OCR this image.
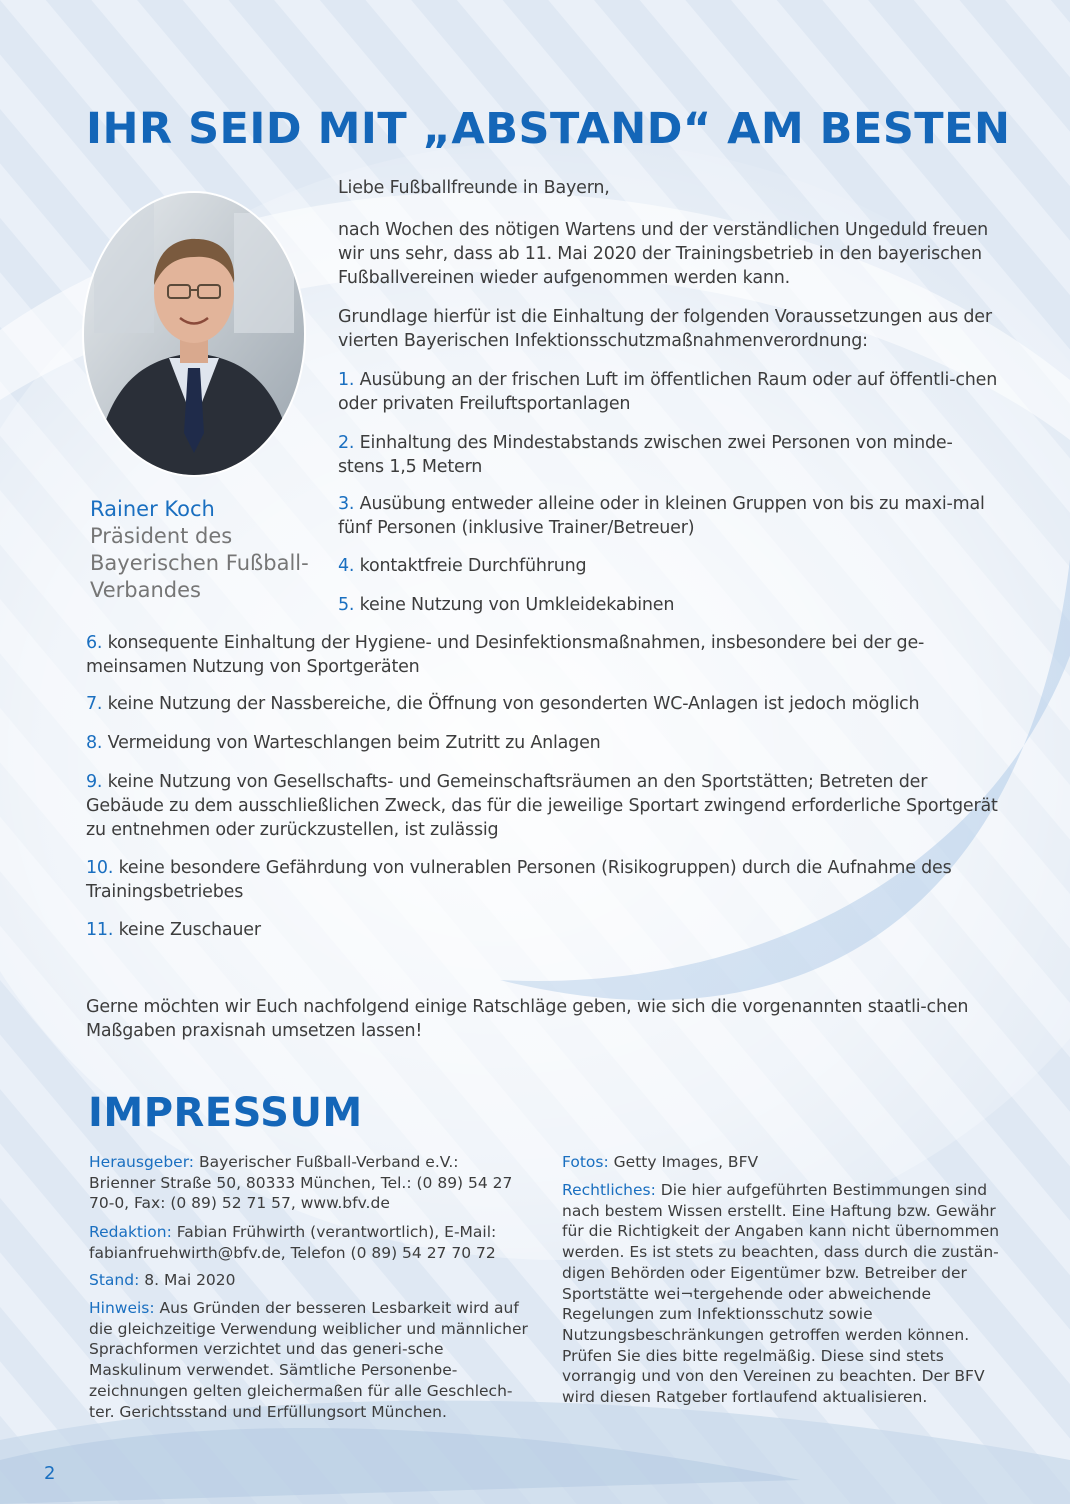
IHR SEID MIT „ABSTAND“ AM BESTEN
Rainer Koch
Präsident des
Bayerischen Fußball-
Verbandes

Liebe Fußballfreunde in Bayern,

nach Wochen des nötigen Wartens und der verständlichen Ungeduld freuen wir uns sehr, dass ab 11. Mai 2020 der Trainingsbetrieb in den bayerischen Fußballvereinen wieder aufgenommen werden kann.

Grundlage hierfür ist die Einhaltung der folgenden Voraussetzungen aus der vierten Bayerischen Infektionsschutzmaßnahmenverordnung:

1. Ausübung an der frischen Luft im öffentlichen Raum oder auf öffentli-chen oder privaten Freiluftsportanlagen

2. Einhaltung des Mindestabstands zwischen zwei Personen von minde-stens 1,5 Metern

3. Ausübung entweder alleine oder in kleinen Gruppen von bis zu maxi-mal fünf Personen (inklusive Trainer/Betreuer)

4. kontaktfreie Durchführung

5. keine Nutzung von Umkleidekabinen

6. konsequente Einhaltung der Hygiene- und Desinfektionsmaßnahmen, insbesondere bei der ge-meinsamen Nutzung von Sportgeräten

7. keine Nutzung der Nassbereiche, die Öffnung von gesonderten WC-Anlagen ist jedoch möglich

8. Vermeidung von Warteschlangen beim Zutritt zu Anlagen

9. keine Nutzung von Gesellschafts- und Gemeinschaftsräumen an den Sportstätten; Betreten der Gebäude zu dem ausschließlichen Zweck, das für die jeweilige Sportart zwingend erforderliche Sportgerät zu entnehmen oder zurückzustellen, ist zulässig

10. keine besondere Gefährdung von vulnerablen Personen (Risikogruppen) durch die Aufnahme des Trainingsbetriebes

11. keine Zuschauer

Gerne möchten wir Euch nachfolgend einige Ratschläge geben, wie sich die vorgenannten staatli-chen Maßgaben praxisnah umsetzen lassen!

IMPRESSUM

Herausgeber: Bayerischer Fußball-Verband e.V.: Brienner Straße 50, 80333 München, Tel.: (0 89) 54 27 70-0, Fax: (0 89) 52 71 57, www.bfv.de

Redaktion: Fabian Frühwirth (verantwortlich), E-Mail: fabianfruehwirth@bfv.de, Telefon (0 89) 54 27 70 72

Stand: 8. Mai 2020

Hinweis: Aus Gründen der besseren Lesbarkeit wird auf die gleichzeitige Verwendung weiblicher und männlicher Sprachformen verzichtet und das generi-sche Maskulinum verwendet. Sämtliche Personenbe-zeichnungen gelten gleichermaßen für alle Geschlech-ter. Gerichtsstand und Erfüllungsort München.

Fotos: Getty Images, BFV

Rechtliches: Die hier aufgeführten Bestimmungen sind nach bestem Wissen erstellt. Eine Haftung bzw. Gewähr für die Richtigkeit der Angaben kann nicht übernommen werden. Es ist stets zu beachten, dass durch die zustän-digen Behörden oder Eigentümer bzw. Betreiber der Sportstätte wei¬tergehende oder abweichende Regelungen zum Infektionsschutz sowie Nutzungsbeschränkungen getroffen werden können. Prüfen Sie dies bitte regelmäßig. Diese sind stets vorrangig und von den Vereinen zu beachten. Der BFV wird diesen Ratgeber fortlaufend aktualisieren.

2
